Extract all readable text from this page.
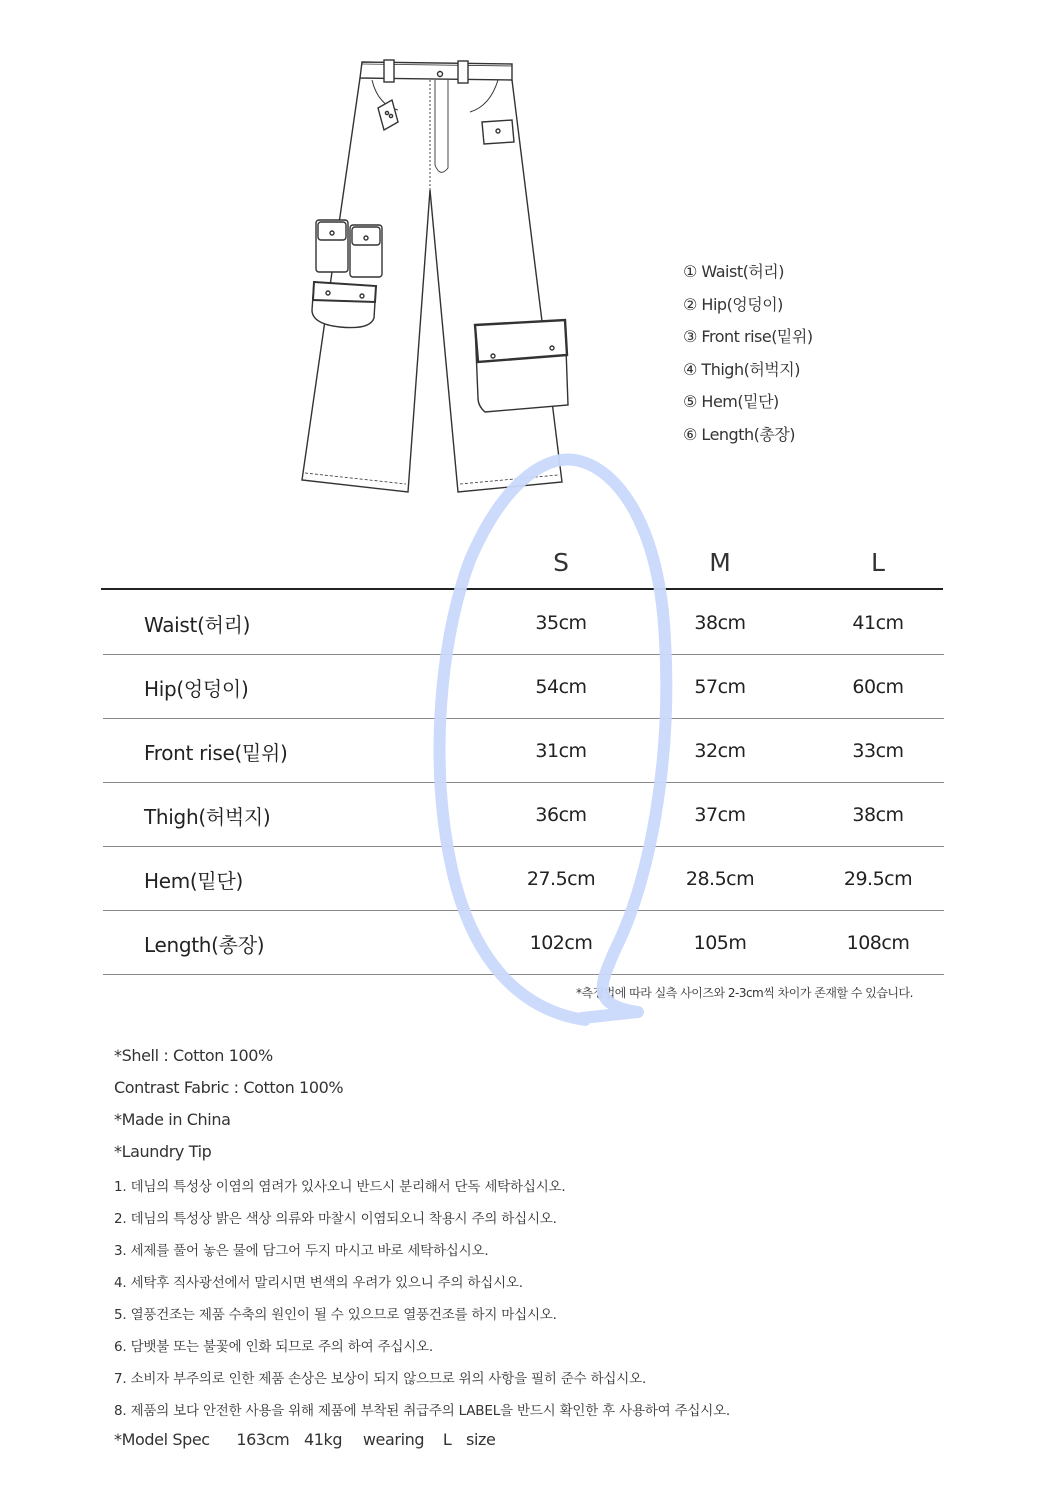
① Waist(허리)
② Hip(엉덩이)
③ Front rise(밑위)
④ Thigh(허벅지)
⑤ Hem(밑단)
⑥ Length(총장)
S	M	L
Waist(허리)	35cm	38cm	41cm
Hip(엉덩이)	54cm	57cm	60cm
Front rise(밑위)	31cm	32cm	33cm
Thigh(허벅지)	36cm	37cm	38cm
Hem(밑단)	27.5cm	28.5cm	29.5cm
Length(총장)	102cm	105m	108cm
*측정법에 따라 실측 사이즈와 2-3cm씩 차이가 존재할 수 있습니다.
*Shell : Cotton 100%
Contrast Fabric : Cotton 100%
*Made in China
*Laundry Tip
1. 데님의 특성상 이염의 염려가 있사오니 반드시 분리해서 단독 세탁하십시오.
2. 데님의 특성상 밝은 색상 의류와 마찰시 이염되오니 착용시 주의 하십시오.
3. 세제를 풀어 놓은 물에 담그어 두지 마시고 바로 세탁하십시오.
4. 세탁후 직사광선에서 말리시면 변색의 우려가 있으니 주의 하십시오.
5. 열풍건조는 제품 수축의 원인이 될 수 있으므로 열풍건조를 하지 마십시오.
6. 담뱃불 또는 불꽃에 인화 되므로 주의 하여 주십시오.
7. 소비자 부주의로 인한 제품 손상은 보상이 되지 않으므로 위의 사항을 필히 준수 하십시오.
8. 제품의 보다 안전한 사용을 위해 제품에 부착된 취급주의 LABEL을 반드시 확인한 후 사용하여 주십시오.
*Model Spec 163cm 41kg wearing L size
